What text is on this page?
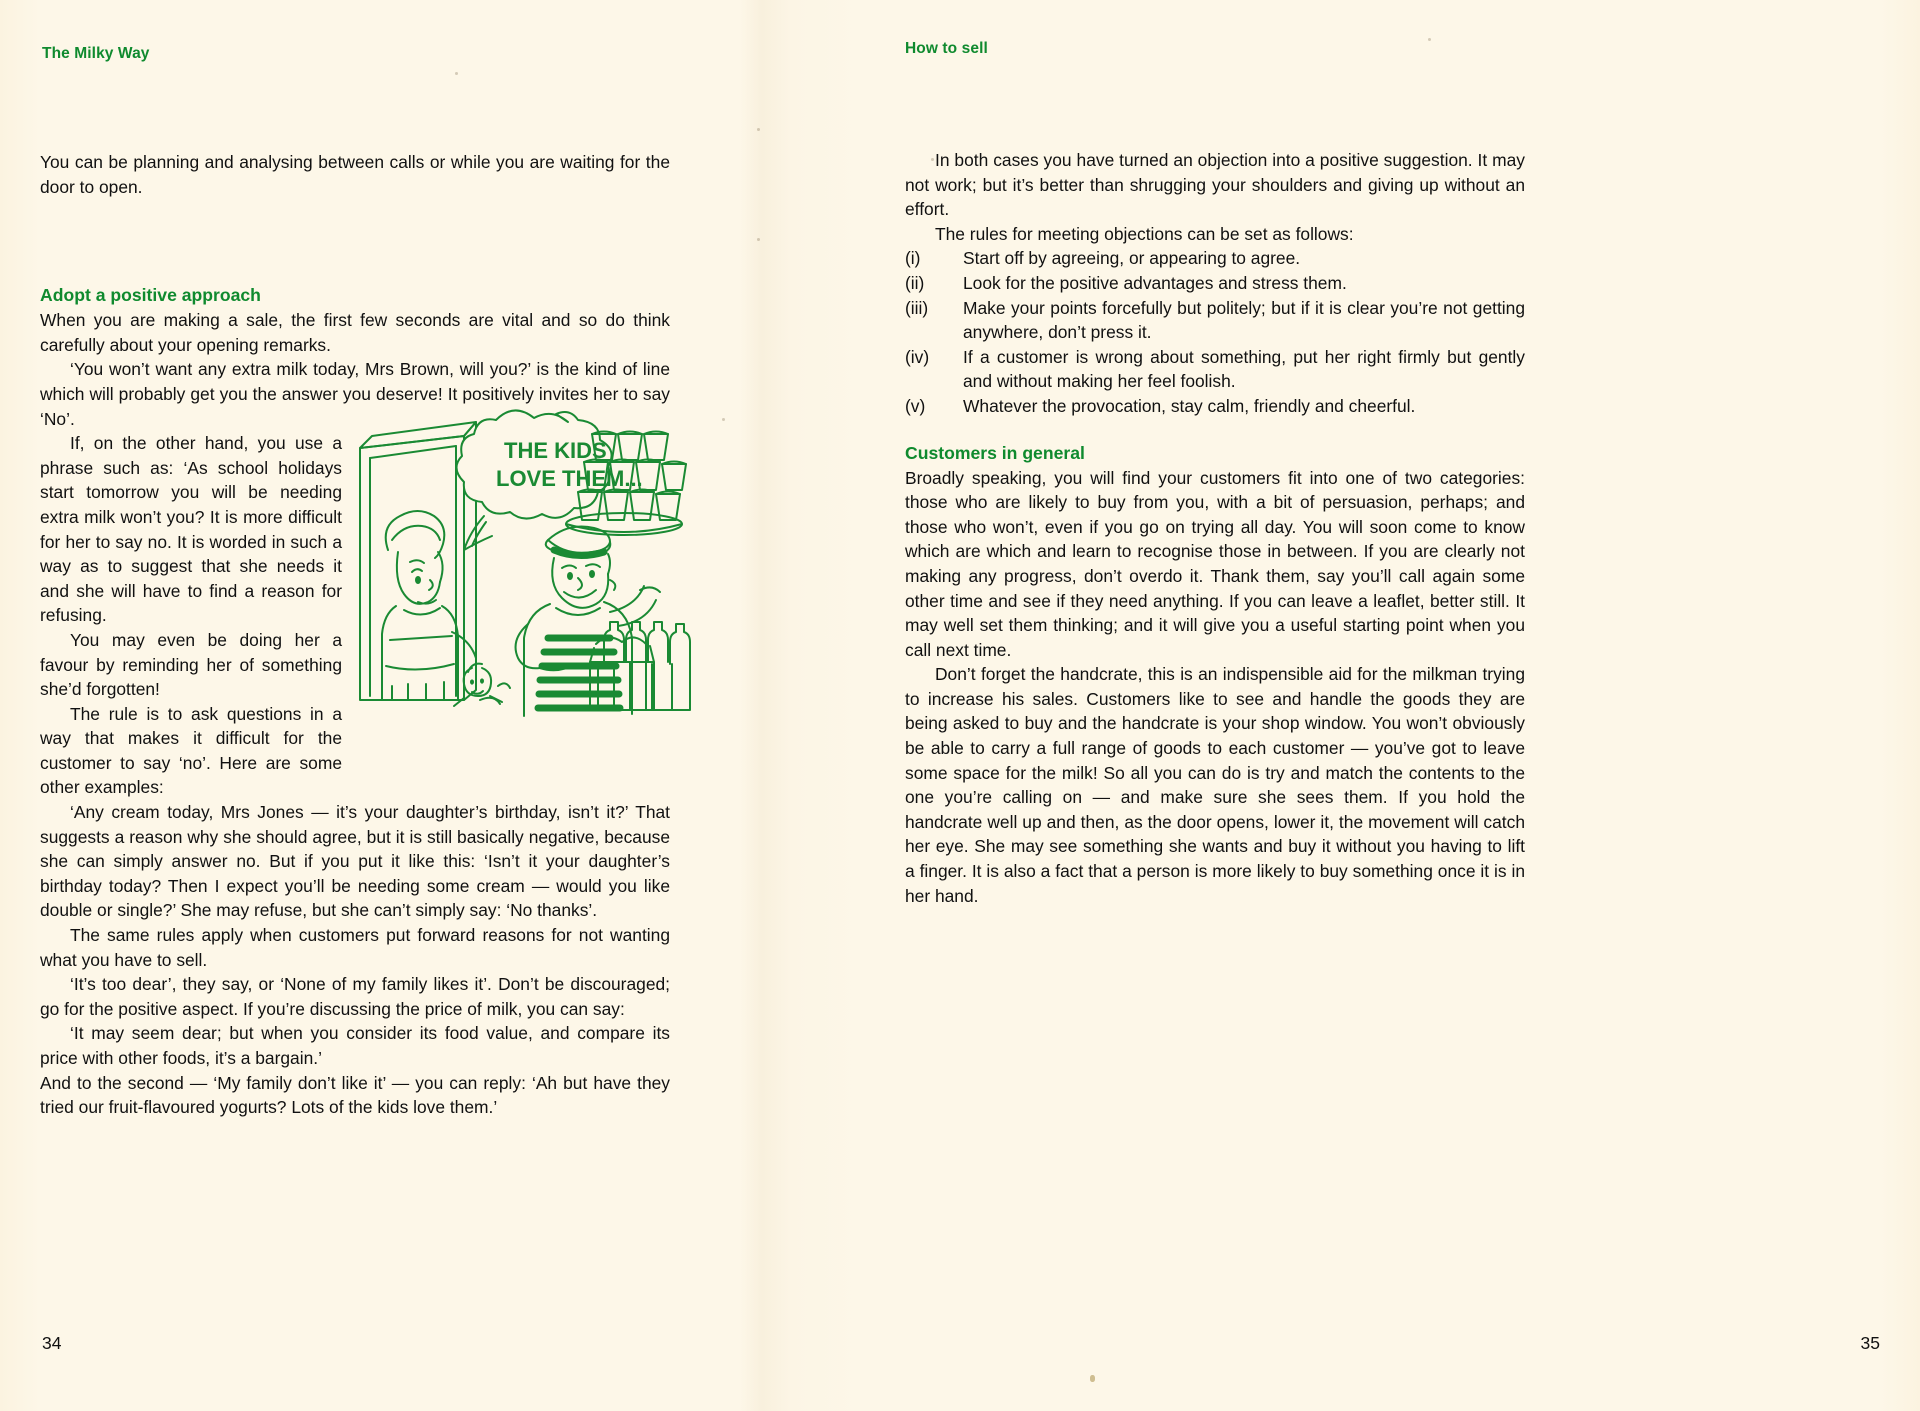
The Milky Way

You can be planning and analysing between calls or while you are waiting for the door to open.

Adopt a positive approach

When you are making a sale, the first few seconds are vital and so do think carefully about your opening remarks.

‘You won’t want any extra milk today, Mrs Brown, will you?’ is the kind of line which will probably get you the answer you deserve! It positively invites her to say ‘No’.

If, on the other hand, you use a phrase such as: ‘As school holidays start tomorrow you will be needing extra milk won’t you? It is more difficult for her to say no. It is worded in such a way as to suggest that she needs it and she will have to find a reason for refusing.

You may even be doing her a favour by reminding her of something she’d forgotten!

The rule is to ask questions in a way that makes it difficult for the customer to say ‘no’. Here are some other examples:

‘Any cream today, Mrs Jones — it’s your daughter’s birthday, isn’t it?’ That suggests a reason why she should agree, but it is still basically negative, because she can simply answer no. But if you put it like this: ‘Isn’t it your daughter’s birthday today? Then I expect you’ll be needing some cream — would you like double or single?’ She may refuse, but she can’t simply say: ‘No thanks’.

The same rules apply when customers put forward reasons for not wanting what you have to sell.

‘It’s too dear’, they say, or ‘None of my family likes it’. Don’t be discouraged; go for the positive aspect. If you’re discussing the price of milk, you can say:

‘It may seem dear; but when you consider its food value, and compare its price with other foods, it’s a bargain.’

And to the second — ‘My family don’t like it’ — you can reply: ‘Ah but have they tried our fruit-flavoured yogurts? Lots of the kids love them.’

THE KIDS
LOVE THEM...
34
How to sell

In both cases you have turned an objection into a positive suggestion. It may not work; but it’s better than shrugging your shoulders and giving up without an effort.

The rules for meeting objections can be set as follows:

(i)	Start off by agreeing, or appearing to agree.
(ii)	Look for the positive advantages and stress them.
(iii)	Make your points forcefully but politely; but if it is clear you’re not getting anywhere, don’t press it.
(iv)	If a customer is wrong about something, put her right firmly but gently and without making her feel foolish.
(v)	Whatever the provocation, stay calm, friendly and cheerful.

Customers in general

Broadly speaking, you will find your customers fit into one of two categories: those who are likely to buy from you, with a bit of persuasion, perhaps; and those who won’t, even if you go on trying all day. You will soon come to know which are which and learn to recognise those in between. If you are clearly not making any progress, don’t overdo it. Thank them, say you’ll call again some other time and see if they need anything. If you can leave a leaflet, better still. It may well set them thinking; and it will give you a useful starting point when you call next time.

Don’t forget the handcrate, this is an indispensible aid for the milkman trying to increase his sales. Customers like to see and handle the goods they are being asked to buy and the handcrate is your shop window. You won’t obviously be able to carry a full range of goods to each customer — you’ve got to leave some space for the milk! So all you can do is try and match the contents to the one you’re calling on — and make sure she sees them. If you hold the handcrate well up and then, as the door opens, lower it, the movement will catch her eye. She may see something she wants and buy it without you having to lift a finger. It is also a fact that a person is more likely to buy something once it is in her hand.

35
